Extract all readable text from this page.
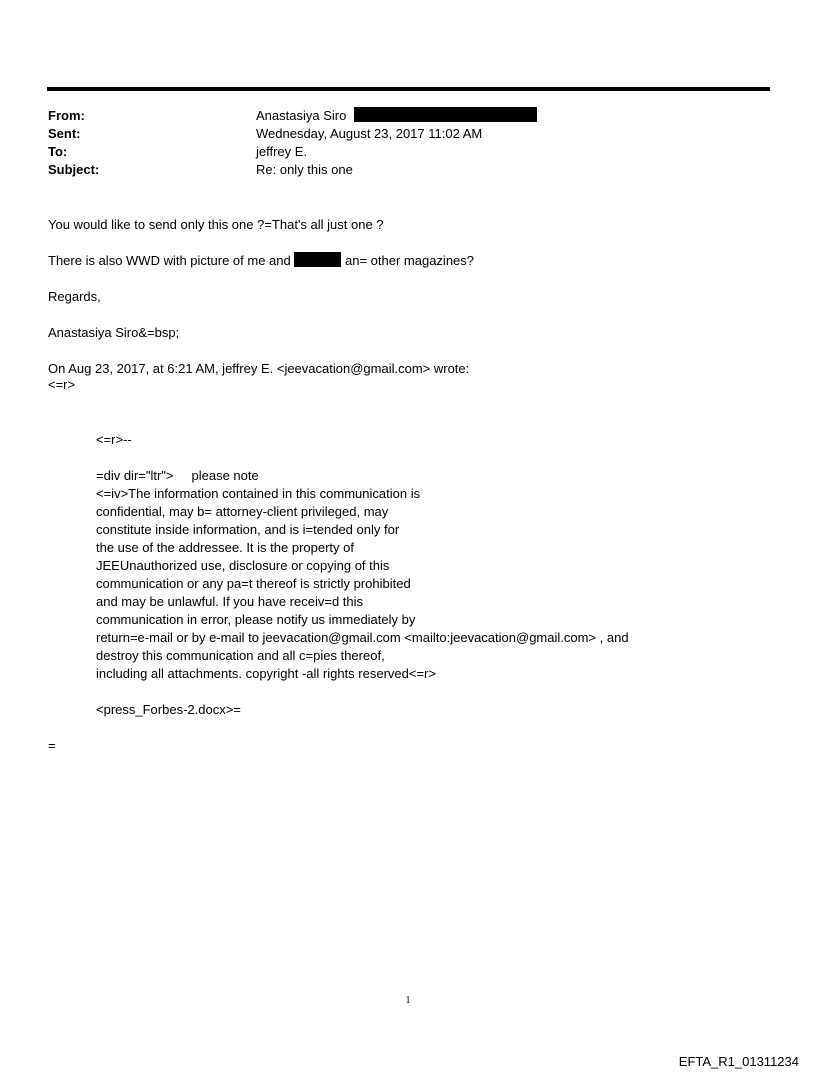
From:	Anastasiya Siro
Sent:	Wednesday, August 23, 2017 11:02 AM
To:	jeffrey E.
Subject:	Re: only this one
You would like to send only this one ?=That's all just one ?
There is also WWD with picture of me and	an= other magazines?
Regards,
Anastasiya Siro&=bsp;
On Aug 23, 2017, at 6:21 AM, jeffrey E. <jeevacation@gmail.com> wrote:
<=r>
<=r>--
=div dir="ltr"> please note
<=iv>The information contained in this communication is
confidential, may b= attorney-client privileged, may
constitute inside information, and is i=tended only for
the use of the addressee. It is the property of
JEEUnauthorized use, disclosure or copying of this
communication or any pa=t thereof is strictly prohibited
and may be unlawful. If you have receiv=d this
communication in error, please notify us immediately by
return=e-mail or by e-mail to jeevacation@gmail.com <mailto:jeevacation@gmail.com> , and
destroy this communication and all c=pies thereof,
including all attachments. copyright -all rights reserved<=r>
<press_Forbes-2.docx>=
=
1
EFTA_R1_01311234
